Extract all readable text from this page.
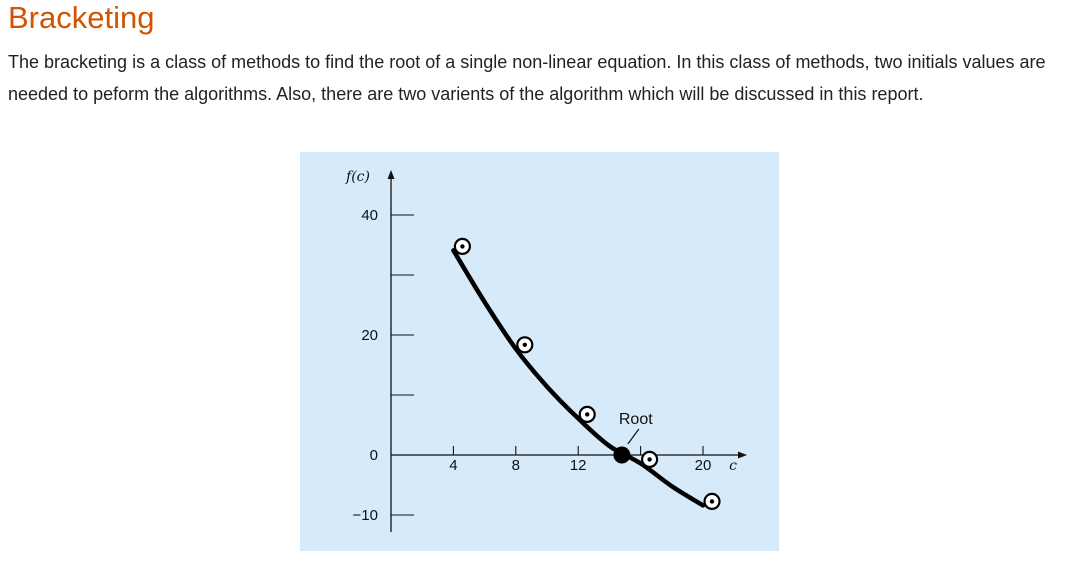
Bracketing

The bracketing is a class of methods to find the root of a single non-linear equation. In this class of methods, two initials values are needed to peform the algorithms. Also, there are two varients of the algorithm which will be discussed in this report.

−10
0
20
40
4	8	12	20
f(c)
c
Root
